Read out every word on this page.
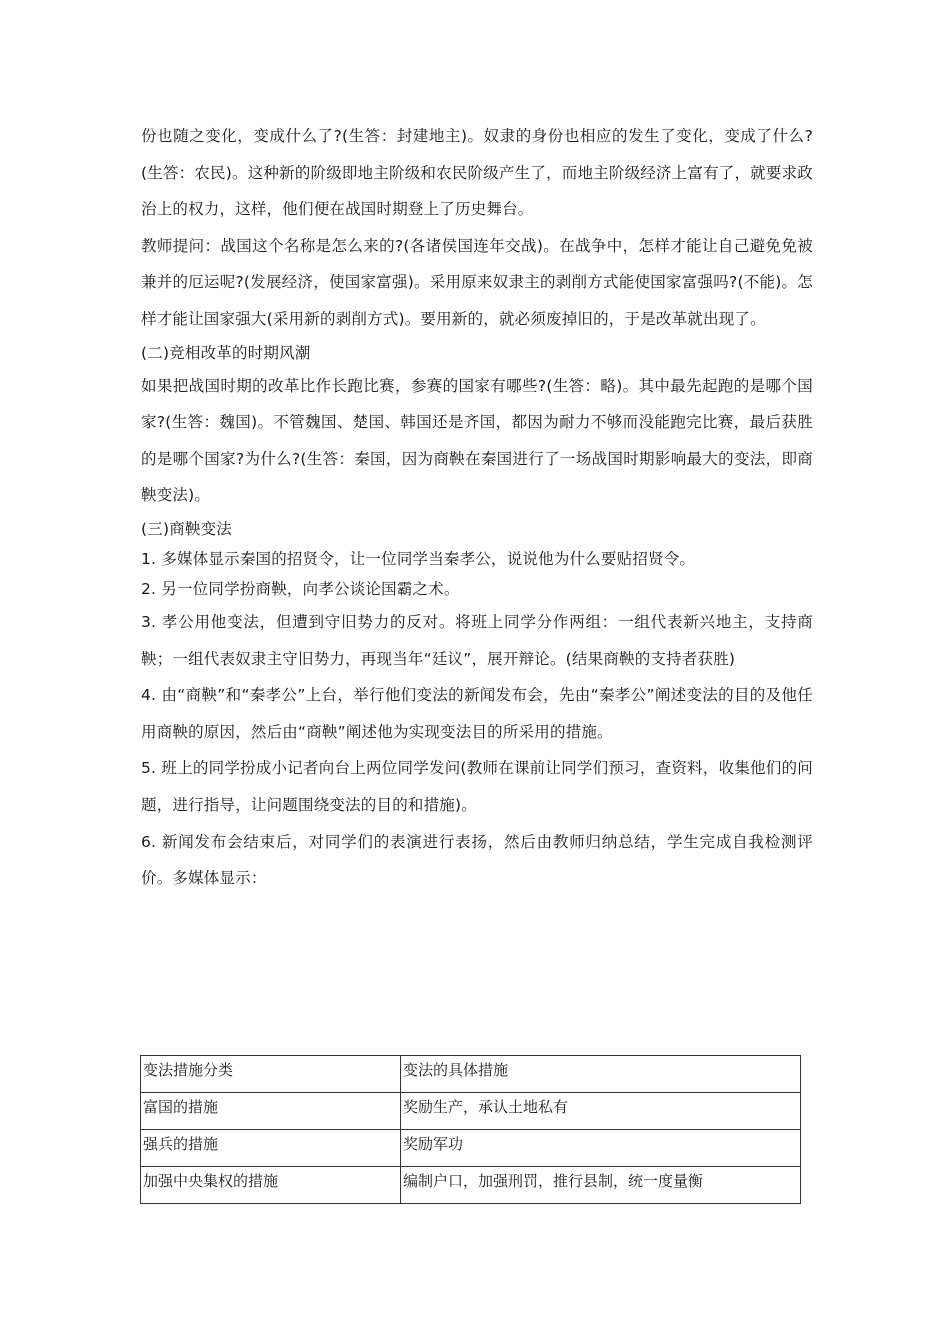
份也随之变化，变成什么了?(生答：封建地主)。奴隶的身份也相应的发生了变化，变成了什么?(生答：农民)。这种新的阶级即地主阶级和农民阶级产生了，而地主阶级经济上富有了，就要求政治上的权力，这样，他们便在战国时期登上了历史舞台。

教师提问：战国这个名称是怎么来的?(各诸侯国连年交战)。在战争中，怎样才能让自己避免免被兼并的厄运呢?(发展经济，使国家富强)。采用原来奴隶主的剥削方式能使国家富强吗?(不能)。怎样才能让国家强大(采用新的剥削方式)。要用新的，就必须废掉旧的，于是改革就出现了。

(二)竞相改革的时期风潮

如果把战国时期的改革比作长跑比赛，参赛的国家有哪些?(生答：略)。其中最先起跑的是哪个国家?(生答：魏国)。不管魏国、楚国、韩国还是齐国，都因为耐力不够而没能跑完比赛，最后获胜的是哪个国家?为什么?(生答：秦国，因为商鞅在秦国进行了一场战国时期影响最大的变法，即商鞅变法)。

(三)商鞅变法

1. 多媒体显示秦国的招贤令，让一位同学当秦孝公，说说他为什么要贴招贤令。

2. 另一位同学扮商鞅，向孝公谈论国霸之术。

3. 孝公用他变法，但遭到守旧势力的反对。将班上同学分作两组：一组代表新兴地主，支持商鞅；一组代表奴隶主守旧势力，再现当年“廷议”，展开辩论。(结果商鞅的支持者获胜)

4. 由“商鞅”和“秦孝公”上台，举行他们变法的新闻发布会，先由“秦孝公”阐述变法的目的及他任用商鞅的原因，然后由“商鞅”阐述他为实现变法目的所采用的措施。

5. 班上的同学扮成小记者向台上两位同学发问(教师在课前让同学们预习，查资料，收集他们的问题，进行指导，让问题围绕变法的目的和措施)。

6. 新闻发布会结束后，对同学们的表演进行表扬，然后由教师归纳总结，学生完成自我检测评价。多媒体显示：

变法措施分类	变法的具体措施
富国的措施	奖励生产，承认土地私有
强兵的措施	奖励军功
加强中央集权的措施	编制户口，加强刑罚，推行县制，统一度量衡
